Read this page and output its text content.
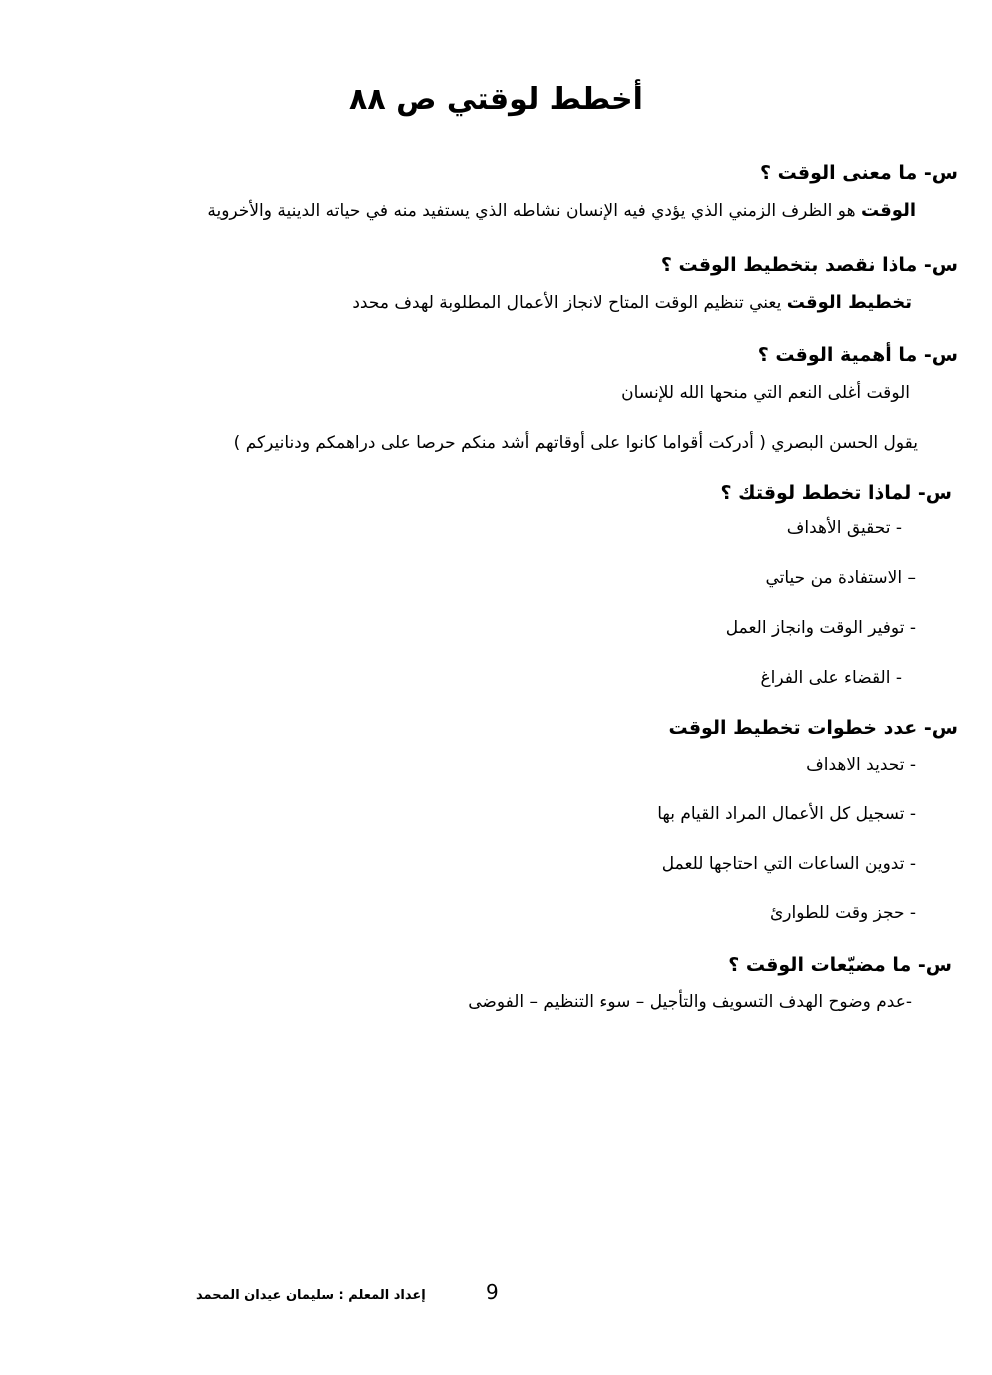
أخطط لوقتي ص ٨٨
س- ما معنى الوقت ؟
الوقت هو الظرف الزمني الذي يؤدي فيه الإنسان نشاطه الذي يستفيد منه في حياته الدينية والأخروية
س- ماذا نقصد بتخطيط الوقت ؟
تخطيط الوقت يعني تنظيم الوقت المتاح لانجاز الأعمال المطلوبة لهدف محدد
س- ما أهمية الوقت ؟
الوقت أغلى النعم التي منحها الله للإنسان
يقول الحسن البصري ( أدركت أقواما كانوا على أوقاتهم أشد منكم حرصا على دراهمكم ودنانيركم )
س- لماذا تخطط لوقتك ؟
- تحقيق الأهداف
– الاستفادة من حياتي
- توفير الوقت وانجاز العمل
- القضاء على الفراغ
س- عدد خطوات تخطيط الوقت
- تحديد الاهداف
- تسجيل كل الأعمال المراد القيام بها
- تدوين الساعات التي احتاجها للعمل
- حجز وقت للطوارئ
س- ما مضيّعات الوقت ؟
-عدم وضوح الهدف التسويف والتأجيل – سوء التنظيم – الفوضى
إعداد المعلم : سليمان عيدان المحمد	9
